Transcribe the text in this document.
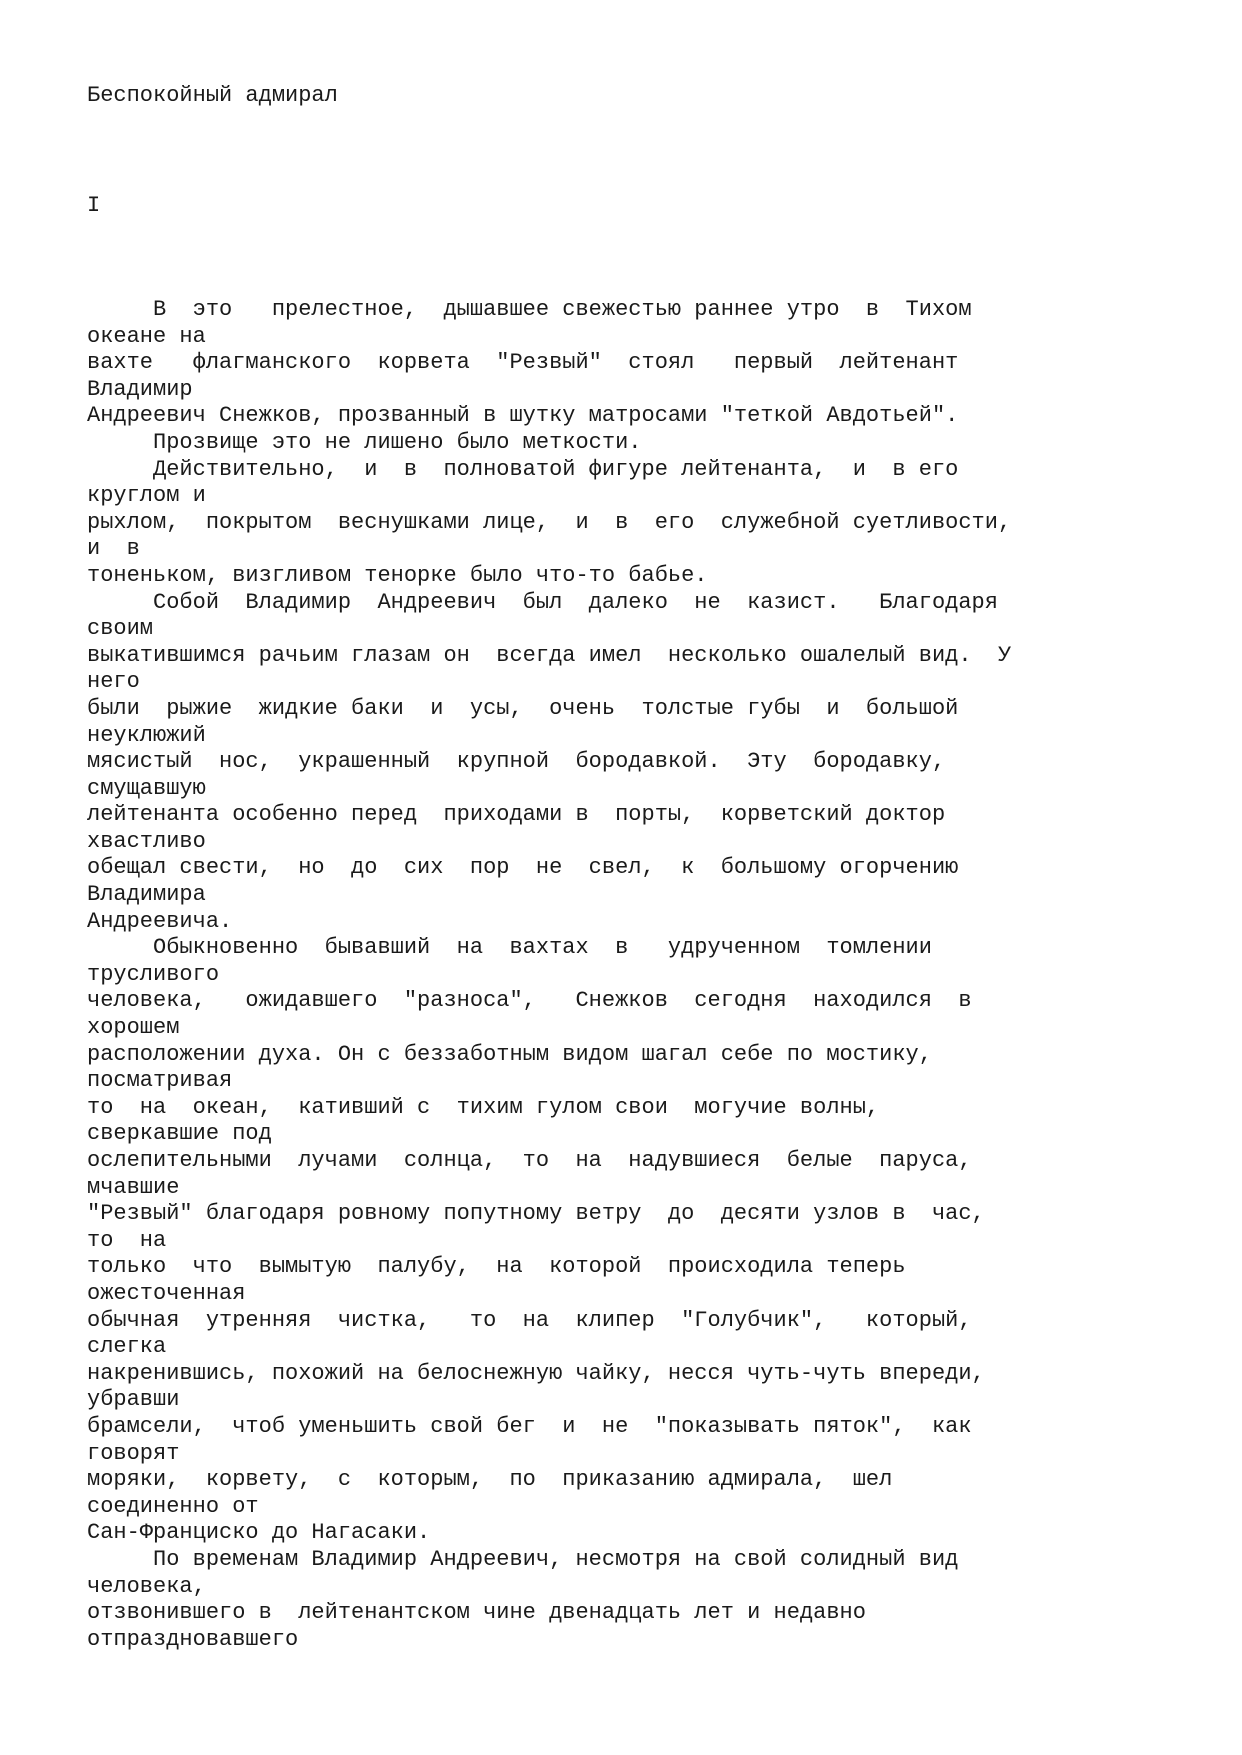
Беспокойный адмирал
I
В  это   прелестное,  дышавшее свежестью раннее утро  в  Тихом
океане на
вахте   флагманского  корвета  "Резвый"  стоял   первый  лейтенант
Владимир
Андреевич Снежков, прозванный в шутку матросами "теткой Авдотьей".
Прозвище это не лишено было меткости.
Действительно,  и  в  полноватой фигуре лейтенанта,  и  в его
круглом и
рыхлом,  покрытом  веснушками лице,  и  в  его  служебной суетливости,
и  в
тоненьком, визгливом тенорке было что-то бабье.
Собой  Владимир  Андреевич  был  далеко  не  казист.   Благодаря
своим
выкатившимся рачьим глазам он  всегда имел  несколько ошалелый вид.  У
него
были  рыжие  жидкие баки  и  усы,  очень  толстые губы  и  большой
неуклюжий
мясистый  нос,  украшенный  крупной  бородавкой.  Эту  бородавку,
смущавшую
лейтенанта особенно перед  приходами в  порты,  корветский доктор
хвастливо
обещал свести,  но  до  сих  пор  не  свел,  к  большому огорчению
Владимира
Андреевича.
Обыкновенно  бывавший  на  вахтах  в   удрученном  томлении
трусливого
человека,   ожидавшего  "разноса",   Снежков  сегодня  находился  в
хорошем
расположении духа. Он с беззаботным видом шагал себе по мостику,
посматривая
то  на  океан,  кативший с  тихим гулом свои  могучие волны,
сверкавшие под
ослепительными  лучами  солнца,  то  на  надувшиеся  белые  паруса,
мчавшие
"Резвый" благодаря ровному попутному ветру  до  десяти узлов в  час,
то  на
только  что  вымытую  палубу,  на  которой  происходила теперь
ожесточенная
обычная  утренняя  чистка,   то  на  клипер  "Голубчик",   который,
слегка
накренившись, похожий на белоснежную чайку, несся чуть-чуть впереди,
убравши
брамсели,  чтоб уменьшить свой бег  и  не  "показывать пяток",  как
говорят
моряки,  корвету,  с  которым,  по  приказанию адмирала,  шел
соединенно от
Сан-Франциско до Нагасаки.
По временам Владимир Андреевич, несмотря на свой солидный вид
человека,
отзвонившего в  лейтенантском чине двенадцать лет и недавно
отпраздновавшего
